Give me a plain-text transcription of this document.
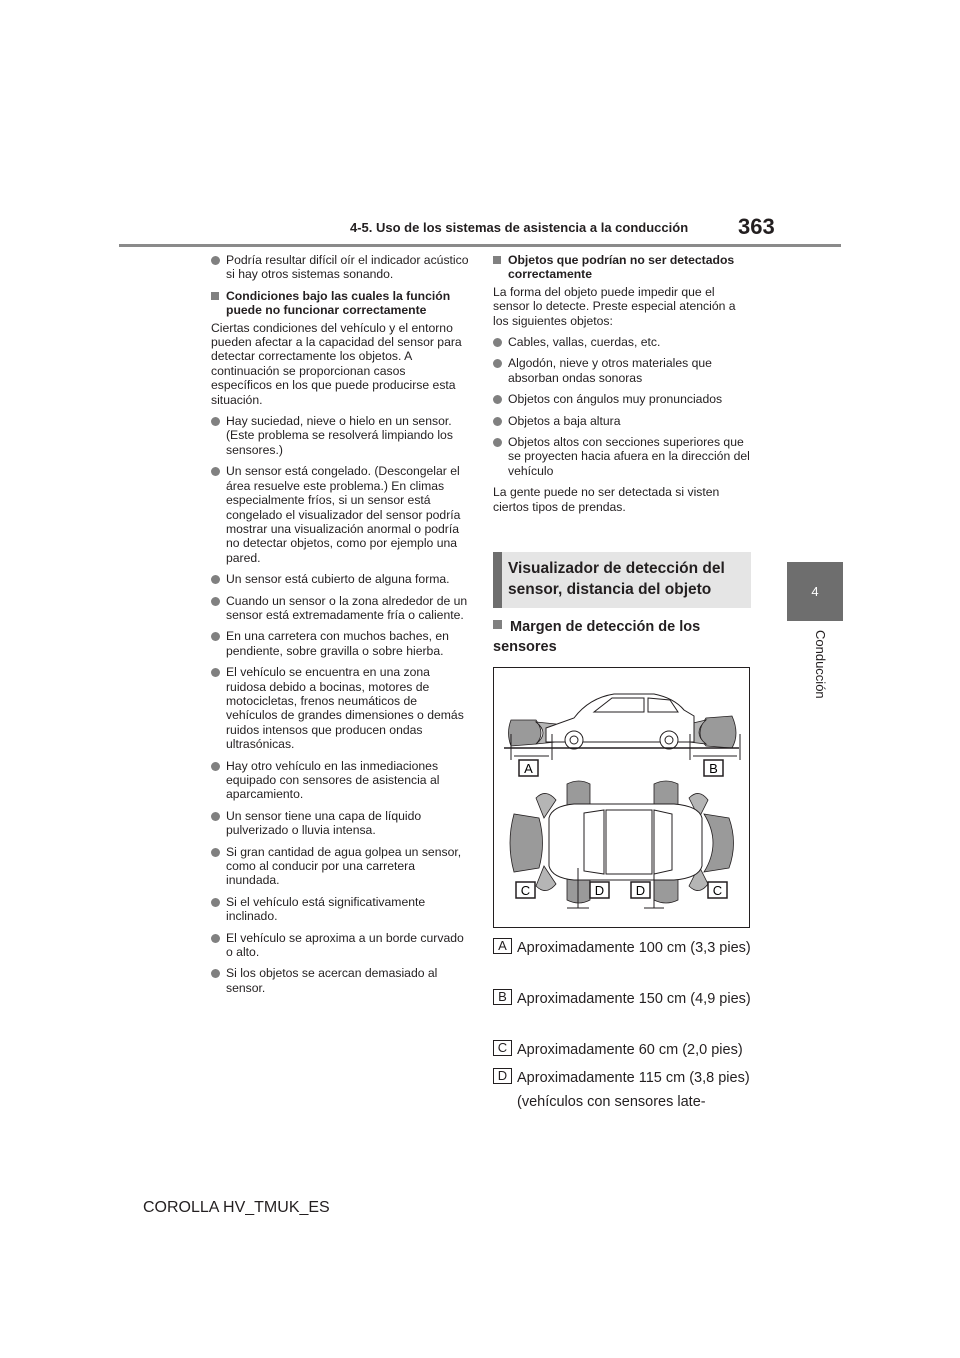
4-5. Uso de los sistemas de asistencia a la conducción	363
4
Conducción
Podría resultar difícil oír el indicador acústico si hay otros sistemas sonando.
Condiciones bajo las cuales la función puede no funcionar correctamente
Ciertas condiciones del vehículo y el entorno pueden afectar a la capacidad del sensor para detectar correctamente los objetos. A continuación se proporcionan casos específicos en los que puede producirse esta situación.
Hay suciedad, nieve o hielo en un sensor. (Este problema se resolverá limpiando los sensores.)
Un sensor está congelado. (Descongelar el área resuelve este problema.) En climas especialmente fríos, si un sensor está congelado el visualizador del sensor podría mostrar una visualización anormal o podría no detectar objetos, como por ejemplo una pared.
Un sensor está cubierto de alguna forma.
Cuando un sensor o la zona alrededor de un sensor está extremadamente fría o caliente.
En una carretera con muchos baches, en pendiente, sobre gravilla o sobre hierba.
El vehículo se encuentra en una zona ruidosa debido a bocinas, motores de motocicletas, frenos neumáticos de vehículos de grandes dimensiones o demás ruidos intensos que producen ondas ultrasónicas.
Hay otro vehículo en las inmediaciones equipado con sensores de asistencia al aparcamiento.
Un sensor tiene una capa de líquido pulverizado o lluvia intensa.
Si gran cantidad de agua golpea un sensor, como al conducir por una carretera inundada.
Si el vehículo está significativamente inclinado.
El vehículo se aproxima a un borde curvado o alto.
Si los objetos se acercan demasiado al sensor.
Objetos que podrían no ser detectados correctamente
La forma del objeto puede impedir que el sensor lo detecte. Preste especial atención a los siguientes objetos:
Cables, vallas, cuerdas, etc.
Algodón, nieve y otros materiales que absorban ondas sonoras
Objetos con ángulos muy pronunciados
Objetos a baja altura
Objetos altos con secciones superiores que se proyecten hacia afuera en la dirección del vehículo
La gente puede no ser detectada si visten ciertos tipos de prendas.
Visualizador de detección del sensor, distancia del objeto
Margen de detección de los sensores
A	B
C	D D	C
A Aproximadamente 100 cm (3,3 pies)
B Aproximadamente 150 cm (4,9 pies)
C Aproximadamente 60 cm (2,0 pies)
D Aproximadamente 115 cm (3,8 pies) (vehículos con sensores late-
COROLLA HV_TMUK_ES
